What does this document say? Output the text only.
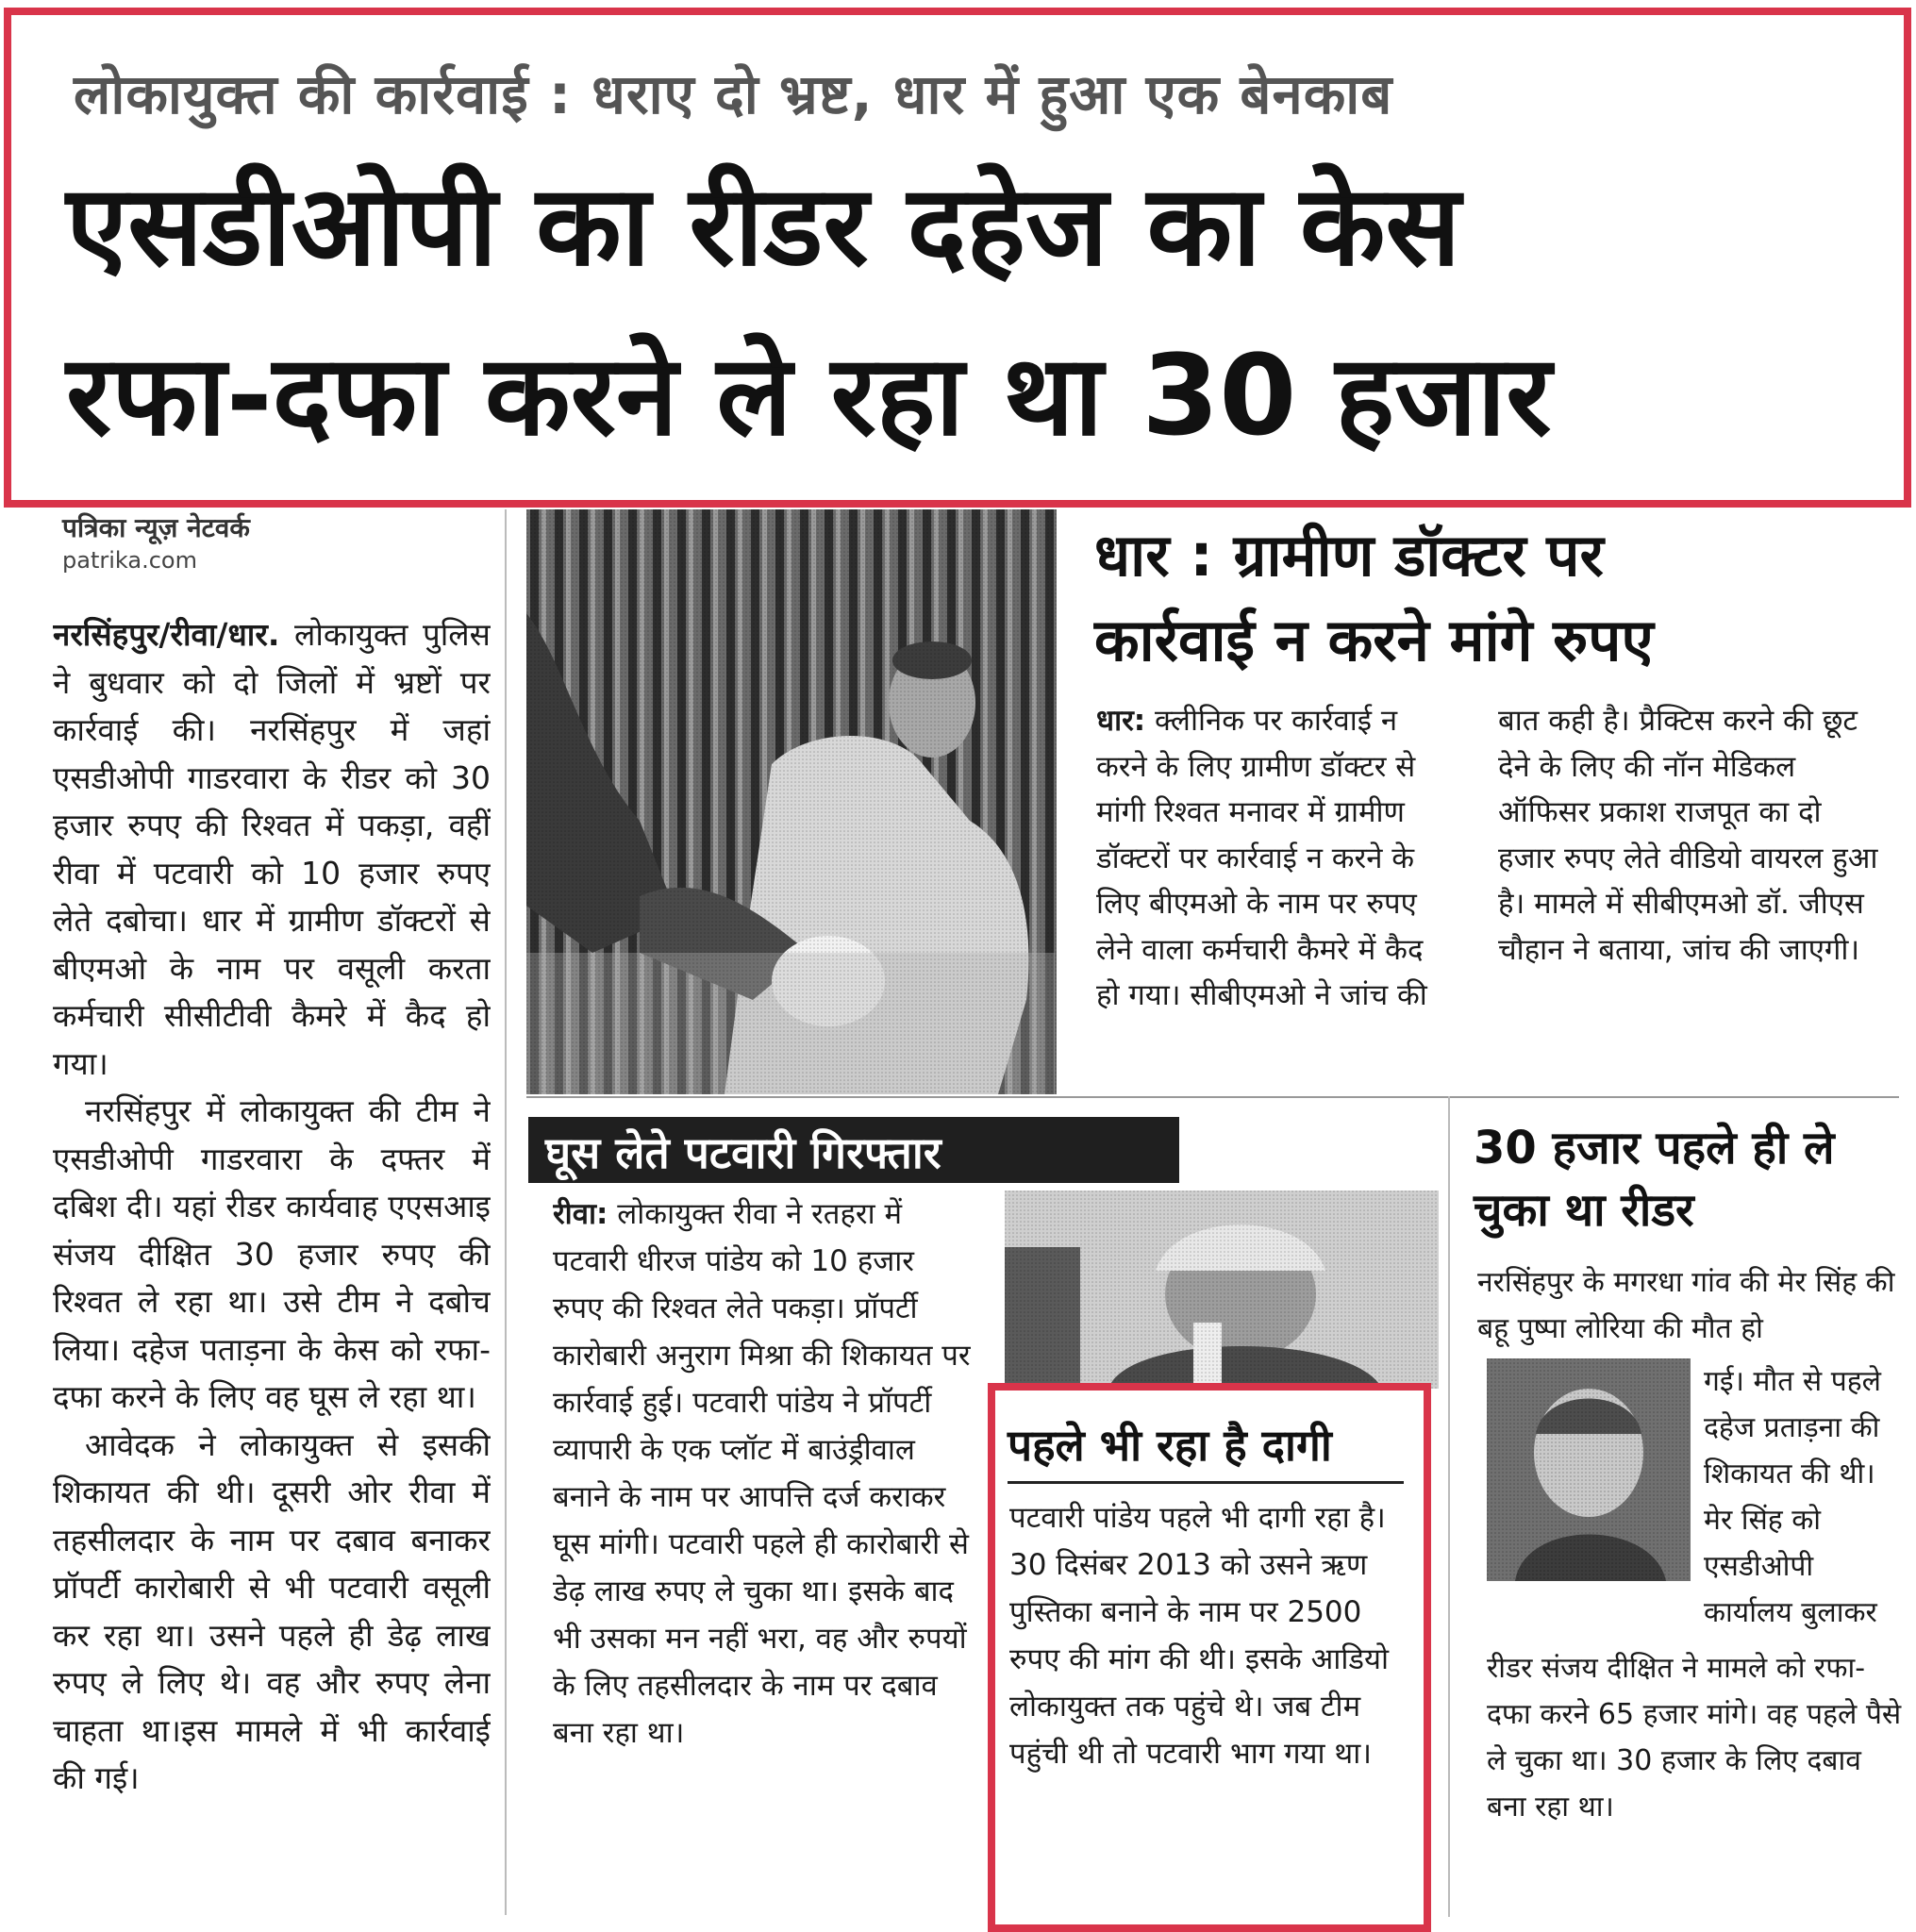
लोकायुक्त की कार्रवाई : धराए दो भ्रष्ट, धार में हुआ एक बेनकाब
एसडीओपी का रीडर दहेज का केस
रफा-दफा करने ले रहा था 30 हजार
पत्रिका न्यूज़ नेटवर्क
patrika.com

नरसिंहपुर/रीवा/धार. लोकायुक्त पुलिस ने बुधवार को दो जिलों में भ्रष्टों पर कार्रवाई की। नरसिंहपुर में जहां एसडीओपी गाडरवारा के रीडर को 30 हजार रुपए की रिश्वत में पकड़ा, वहीं रीवा में पटवारी को 10 हजार रुपए लेते दबोचा। धार में ग्रामीण डॉक्टरों से बीएमओ के नाम पर वसूली करता कर्मचारी सीसीटीवी कैमरे में कैद हो गया।

नरसिंहपुर में लोकायुक्त की टीम ने एसडीओपी गाडरवारा के दफ्तर में दबिश दी। यहां रीडर कार्यवाह एएसआइ संजय दीक्षित 30 हजार रुपए की रिश्वत ले रहा था। उसे टीम ने दबोच लिया। दहेज पताड़ना के केस को रफा-दफा करने के लिए वह घूस ले रहा था।

आवेदक ने लोकायुक्त से इसकी शिकायत की थी। दूसरी ओर रीवा में तहसीलदार के नाम पर दबाव बनाकर प्रॉपर्टी कारोबारी से भी पटवारी वसूली कर रहा था। उसने पहले ही डेढ़ लाख रुपए ले लिए थे। वह और रुपए लेना चाहता था।इस मामले में भी कार्रवाई की गई।

धार : ग्रामीण डॉक्टर पर
कार्रवाई न करने मांगे रुपए
धार: क्लीनिक पर कार्रवाई न करने के लिए ग्रामीण डॉक्टर से मांगी रिश्वत मनावर में ग्रामीण डॉक्टरों पर कार्रवाई न करने के लिए बीएमओ के नाम पर रुपए लेने वाला कर्मचारी कैमरे में कैद हो गया। सीबीएमओ ने जांच की
बात कही है। प्रैक्टिस करने की छूट देने के लिए की नॉन मेडिकल ऑफिसर प्रकाश राजपूत का दो हजार रुपए लेते वीडियो वायरल हुआ है। मामले में सीबीएमओ डॉ. जीएस चौहान ने बताया, जांच की जाएगी।
घूस लेते पटवारी गिरफ्तार
रीवा: लोकायुक्त रीवा ने रतहरा में पटवारी धीरज पांडेय को 10 हजार रुपए की रिश्वत लेते पकड़ा। प्रॉपर्टी कारोबारी अनुराग मिश्रा की शिकायत पर कार्रवाई हुई। पटवारी पांडेय ने प्रॉपर्टी व्यापारी के एक प्लॉट में बाउंड्रीवाल बनाने के नाम पर आपत्ति दर्ज कराकर घूस मांगी। पटवारी पहले ही कारोबारी से डेढ़ लाख रुपए ले चुका था। इसके बाद भी उसका मन नहीं भरा, वह और रुपयों के लिए तहसीलदार के नाम पर दबाव बना रहा था।
पहले भी रहा है दागी
पटवारी पांडेय पहले भी दागी रहा है। 30 दिसंबर 2013 को उसने ऋण पुस्तिका बनाने के नाम पर 2500 रुपए की मांग की थी। इसके आडियो लोकायुक्त तक पहुंचे थे। जब टीम पहुंची थी तो पटवारी भाग गया था।
30 हजार पहले ही ले
चुका था रीडर
नरसिंहपुर के मगरधा गांव की मेर सिंह की बहू पुष्पा लोरिया की मौत हो
गई। मौत से पहले दहेज प्रताड़ना की शिकायत की थी। मेर सिंह को एसडीओपी कार्यालय बुलाकर
रीडर संजय दीक्षित ने मामले को रफा-दफा करने 65 हजार मांगे। वह पहले पैसे ले चुका था। 30 हजार के लिए दबाव बना रहा था।
